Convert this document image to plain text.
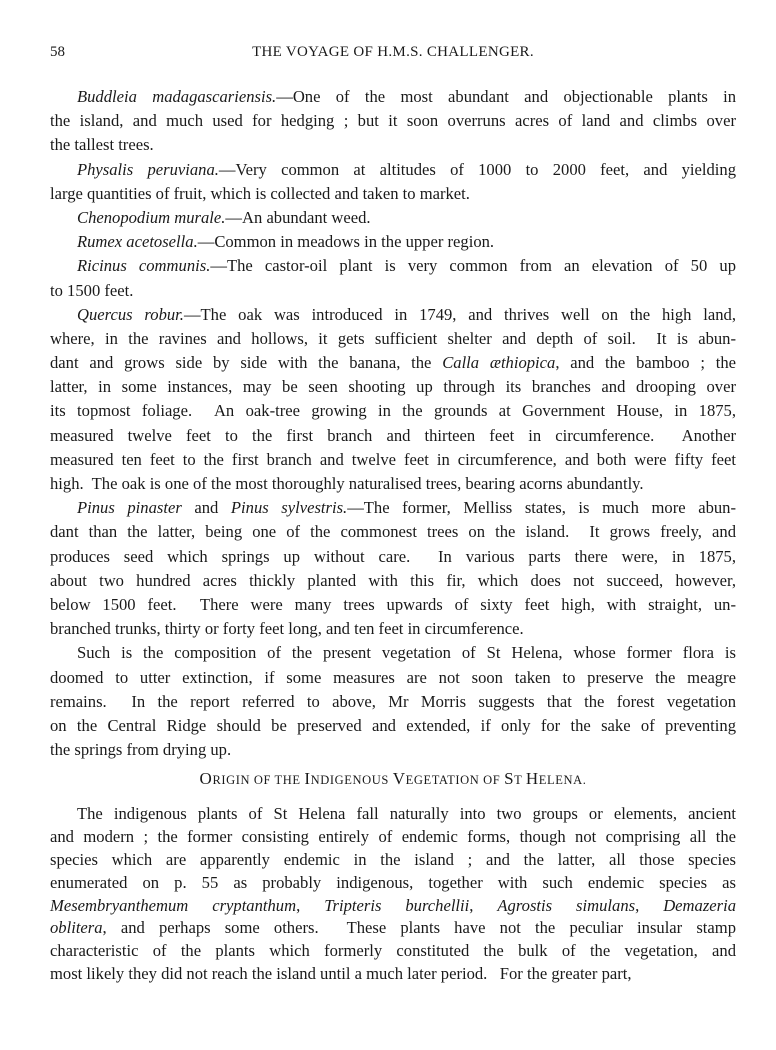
58	THE VOYAGE OF H.M.S. CHALLENGER.
Buddleia madagascariensis.—One of the most abundant and objectionable plants in
the island, and much used for hedging ; but it soon overruns acres of land and climbs over
the tallest trees.
Physalis peruviana.—Very common at altitudes of 1000 to 2000 feet, and yielding
large quantities of fruit, which is collected and taken to market.
Chenopodium murale.—An abundant weed.
Rumex acetosella.—Common in meadows in the upper region.
Ricinus communis.—The castor-oil plant is very common from an elevation of 50 up
to 1500 feet.
Quercus robur.—The oak was introduced in 1749, and thrives well on the high land,
where, in the ravines and hollows, it gets sufficient shelter and depth of soil.  It is abun-
dant and grows side by side with the banana, the Calla æthiopica, and the bamboo ; the
latter, in some instances, may be seen shooting up through its branches and drooping over
its topmost foliage.  An oak-tree growing in the grounds at Government House, in 1875,
measured twelve feet to the first branch and thirteen feet in circumference.  Another
measured ten feet to the first branch and twelve feet in circumference, and both were fifty feet
high.  The oak is one of the most thoroughly naturalised trees, bearing acorns abundantly.
Pinus pinaster and Pinus sylvestris.—The former, Melliss states, is much more abun-
dant than the latter, being one of the commonest trees on the island.  It grows freely, and
produces seed which springs up without care.  In various parts there were, in 1875,
about two hundred acres thickly planted with this fir, which does not succeed, however,
below 1500 feet.  There were many trees upwards of sixty feet high, with straight, un-
branched trunks, thirty or forty feet long, and ten feet in circumference.
Such is the composition of the present vegetation of St Helena, whose former flora is
doomed to utter extinction, if some measures are not soon taken to preserve the meagre
remains.  In the report referred to above, Mr Morris suggests that the forest vegetation
on the Central Ridge should be preserved and extended, if only for the sake of preventing
the springs from drying up.
ORIGIN OF THE INDIGENOUS VEGETATION OF ST HELENA.
The indigenous plants of St Helena fall naturally into two groups or elements, ancient
and modern ; the former consisting entirely of endemic forms, though not comprising all the
species which are apparently endemic in the island ; and the latter, all those species
enumerated on p. 55 as probably indigenous, together with such endemic species as
Mesembryanthemum cryptanthum, Tripteris burchellii, Agrostis simulans, Demazeria
oblitera, and perhaps some others.  These plants have not the peculiar insular stamp
characteristic of the plants which formerly constituted the bulk of the vegetation, and
most likely they did not reach the island until a much later period.   For the greater part,
